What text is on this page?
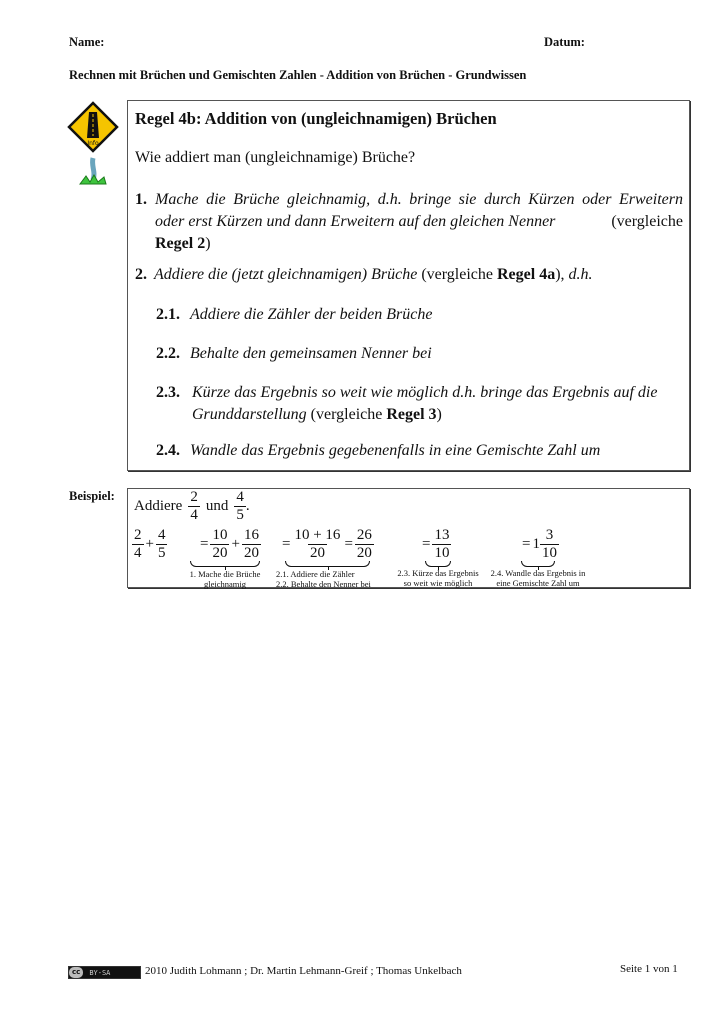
Name:	Datum:
Rechnen mit Brüchen und Gemischten Zahlen - Addition von Brüchen - Grundwissen
Info
Regel 4b: Addition von (ungleichnamigen) Brüchen
Wie addiert man (ungleichnamige) Brüche?
1. Mache die Brüche gleichnamig, d.h. bringe sie durch Kürzen oder Erweitern
oder erst Kürzen und dann Erweitern auf den gleichen Nenner	(vergleiche
Regel 2)
2. Addiere die (jetzt gleichnamigen) Brüche (vergleiche Regel 4a), d.h.
2.1. Addiere die Zähler der beiden Brüche
2.2. Behalte den gemeinsamen Nenner bei
2.3. Kürze das Ergebnis so weit wie möglich d.h. bringe das Ergebnis auf die
Grunddarstellung (vergleiche Regel 3)
2.4. Wandle das Ergebnis gegebenenfalls in eine Gemischte Zahl um
Beispiel:
Addiere $\frac{2}{4}$ und $\frac{4}{5}$ .
$\frac{2}{4} + \frac{4}{5} = \frac{10}{20} + \frac{16}{20}$
1. Mache die Brüche
gleichnamig
= $\frac{10 + 16}{20} = \frac{26}{20}$
2.1. Addiere die Zähler
2.2. Behalte den Nenner bei
= $\frac{13}{10}$
2.3. Kürze das Ergebnis
so weit wie möglich
= $1 \frac{3}{10}$
2.4. Wandle das Ergebnis in
eine Gemischte Zahl um
cc	BY-SA	2010 Judith Lohmann ; Dr. Martin Lehmann-Greif ; Thomas Unkelbach	Seite 1 von 1
